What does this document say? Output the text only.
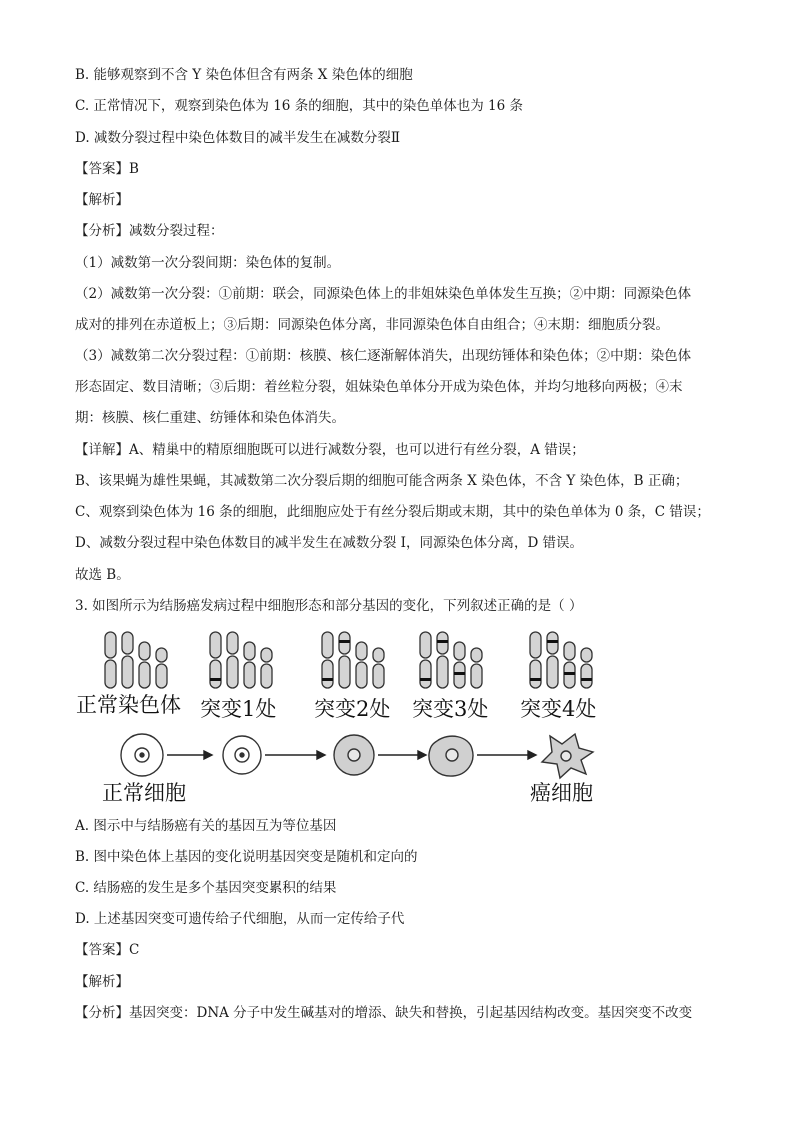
B. 能够观察到不含 Y 染色体但含有两条 X 染色体的细胞
C. 正常情况下，观察到染色体为 16 条的细胞，其中的染色单体也为 16 条
D. 减数分裂过程中染色体数目的减半发生在减数分裂Ⅱ
【答案】B
【解析】
【分析】减数分裂过程：
（1）减数第一次分裂间期：染色体的复制。
（2）减数第一次分裂：①前期：联会，同源染色体上的非姐妹染色单体发生互换；②中期：同源染色体
成对的排列在赤道板上；③后期：同源染色体分离，非同源染色体自由组合；④末期：细胞质分裂。
（3）减数第二次分裂过程：①前期：核膜、核仁逐渐解体消失，出现纺锤体和染色体；②中期：染色体
形态固定、数目清晰；③后期：着丝粒分裂，姐妹染色单体分开成为染色体，并均匀地移向两极；④末
期：核膜、核仁重建、纺锤体和染色体消失。
【详解】A、精巢中的精原细胞既可以进行减数分裂，也可以进行有丝分裂，A 错误；
B、该果蝇为雄性果蝇，其减数第二次分裂后期的细胞可能含两条 X 染色体，不含 Y 染色体，B 正确；
C、观察到染色体为 16 条的细胞，此细胞应处于有丝分裂后期或末期，其中的染色单体为 0 条，C 错误；
D、减数分裂过程中染色体数目的减半发生在减数分裂 I，同源染色体分离，D 错误。
故选 B。
3. 如图所示为结肠癌发病过程中细胞形态和部分基因的变化，下列叙述正确的是（ ）
正常染色体 突变1处 突变2处 突变3处 突变4处
正常细胞	癌细胞
A. 图示中与结肠癌有关的基因互为等位基因
B. 图中染色体上基因的变化说明基因突变是随机和定向的
C. 结肠癌的发生是多个基因突变累积的结果
D. 上述基因突变可遗传给子代细胞，从而一定传给子代
【答案】C
【解析】
【分析】基因突变：DNA 分子中发生碱基对的增添、缺失和替换，引起基因结构改变。基因突变不改变
